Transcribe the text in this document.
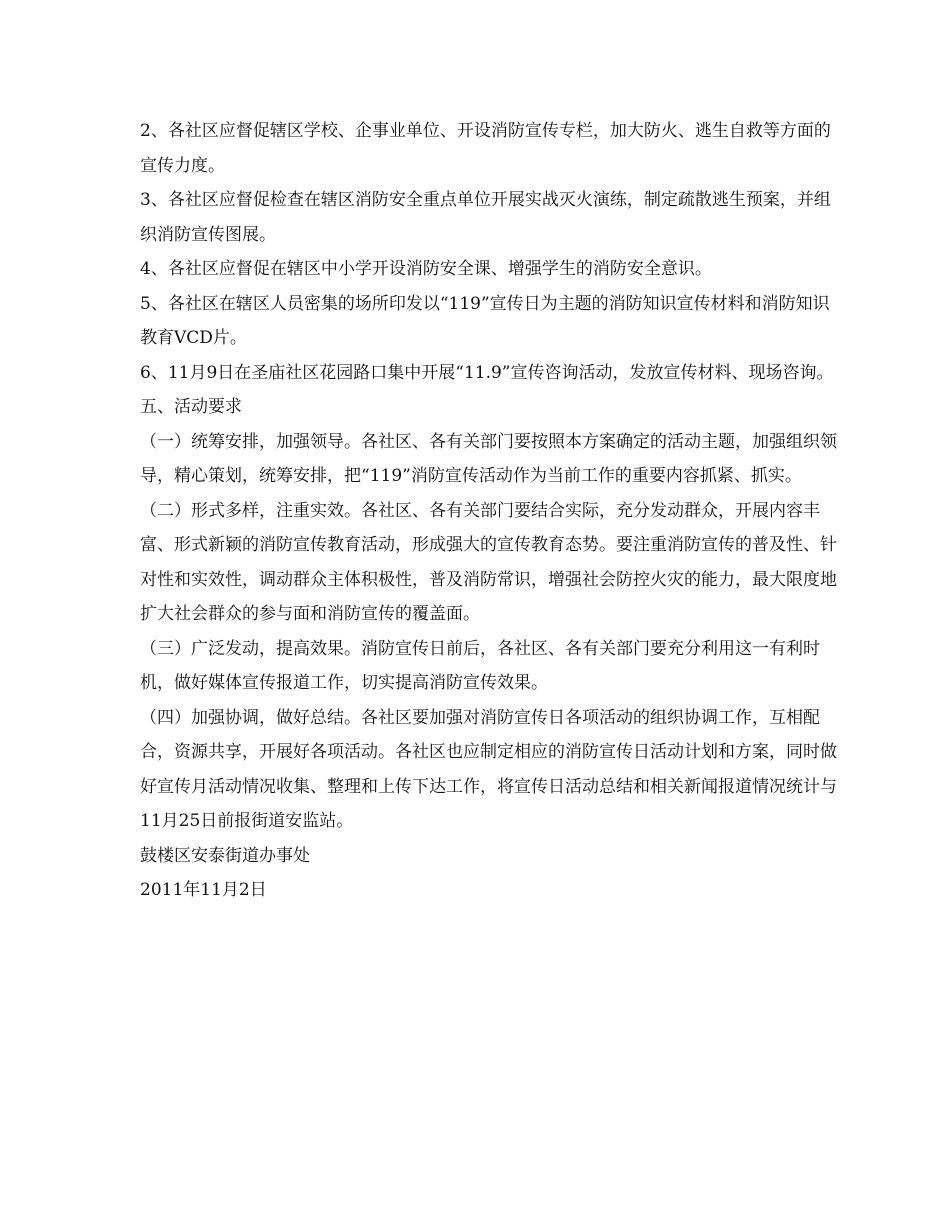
2、各社区应督促辖区学校、企事业单位、开设消防宣传专栏，加大防火、逃生自救等方面的宣传力度。

3、各社区应督促检查在辖区消防安全重点单位开展实战灭火演练，制定疏散逃生预案，并组织消防宣传图展。

4、各社区应督促在辖区中小学开设消防安全课、增强学生的消防安全意识。

5、各社区在辖区人员密集的场所印发以“119”宣传日为主题的消防知识宣传材料和消防知识教育VCD片。

6、11月9日在圣庙社区花园路口集中开展“11.9”宣传咨询活动，发放宣传材料、现场咨询。

五、活动要求

（一）统筹安排，加强领导。各社区、各有关部门要按照本方案确定的活动主题，加强组织领导，精心策划，统筹安排，把“119”消防宣传活动作为当前工作的重要内容抓紧、抓实。

（二）形式多样，注重实效。各社区、各有关部门要结合实际，充分发动群众，开展内容丰富、形式新颖的消防宣传教育活动，形成强大的宣传教育态势。要注重消防宣传的普及性、针对性和实效性，调动群众主体积极性，普及消防常识，增强社会防控火灾的能力，最大限度地扩大社会群众的参与面和消防宣传的覆盖面。

（三）广泛发动，提高效果。消防宣传日前后，各社区、各有关部门要充分利用这一有利时机，做好媒体宣传报道工作，切实提高消防宣传效果。

（四）加强协调，做好总结。各社区要加强对消防宣传日各项活动的组织协调工作，互相配合，资源共享，开展好各项活动。各社区也应制定相应的消防宣传日活动计划和方案，同时做好宣传月活动情况收集、整理和上传下达工作，将宣传日活动总结和相关新闻报道情况统计与11月25日前报街道安监站。

鼓楼区安泰街道办事处

2011年11月2日
